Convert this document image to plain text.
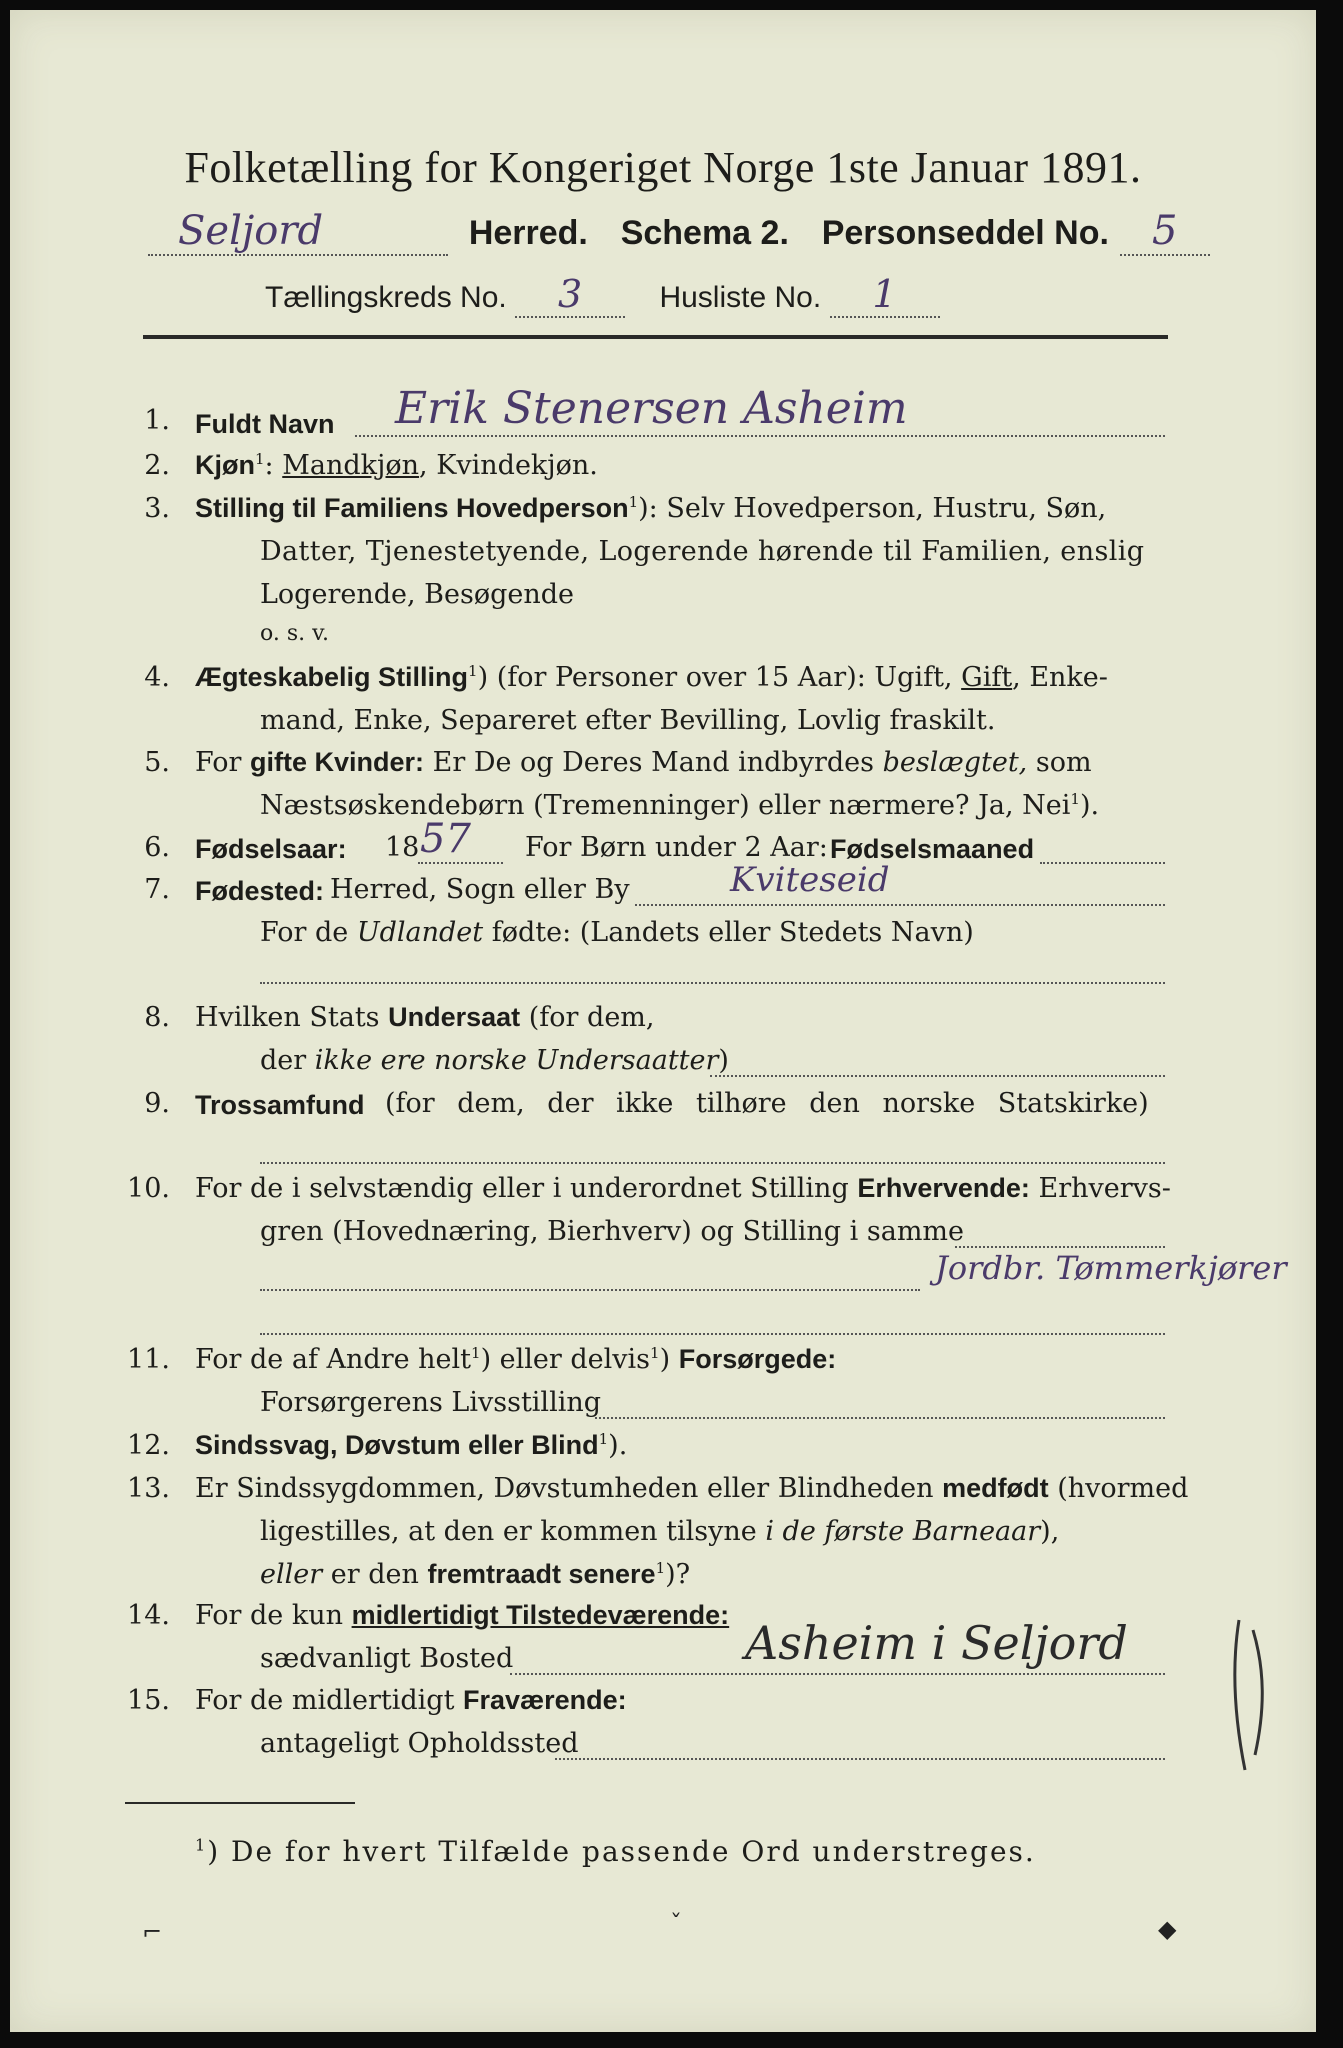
Folketælling for Kongeriget Norge 1ste Januar 1891.
Seljord	Herred. Schema 2. Personseddel No. 5
Tællingskreds No. 3	Husliste No. 1
1. Fuldt Navn Erik Stenersen Asheim
2. Kjøn$^1$: Mandkjøn, Kvindekjøn.
3. Stilling til Familiens Hovedperson$^1$): Selv Hovedperson, Hustru, Søn,
Datter, Tjenestetyende, Logerende hørende til Familien, enslig
Logerende, Besøgende
o. s. v.
4. Ægteskabelig Stilling$^1$) (for Personer over 15 Aar): Ugift, Gift, Enke-
mand, Enke, Separeret efter Bevilling, Lovlig fraskilt.
5. For gifte Kvinder: Er De og Deres Mand indbyrdes beslægtet, som
Næstsøskendebørn (Tremenninger) eller nærmere? Ja, Nei$^1$).
6. Fødselsaar: 18 57 For Børn under 2 Aar: Fødselsmaaned
7. Fødested: Herred, Sogn eller By	Kviteseid
For de Udlandet fødte: (Landets eller Stedets Navn)
8. Hvilken Stats Undersaat (for dem,
der ikke ere norske Undersaatter)
9. Trossamfund (for dem, der ikke tilhøre den norske Statskirke)
10. For de i selvstændig eller i underordnet Stilling Erhvervende: Erhvervs-
gren (Hovednæring, Bierhverv) og Stilling i samme
Jordbr. Tømmerkjører
11. For de af Andre helt$^1$) eller delvis$^1$) Forsørgede:
Forsørgerens Livsstilling
12. Sindssvag, Døvstum eller Blind$^1$).
13. Er Sindssygdommen, Døvstumheden eller Blindheden medfødt (hvormed
ligestilles, at den er kommen tilsyne i de første Barneaar),
eller er den fremtraadt senere$^1$)?
14. For de kun midlertidigt Tilstedeværende:
sædvanligt Bosted	Asheim i Seljord
15. For de midlertidigt Fraværende:
antageligt Opholdssted
$^1$) De for hvert Tilfælde passende Ord understreges.
⌐	ˇ	◆
